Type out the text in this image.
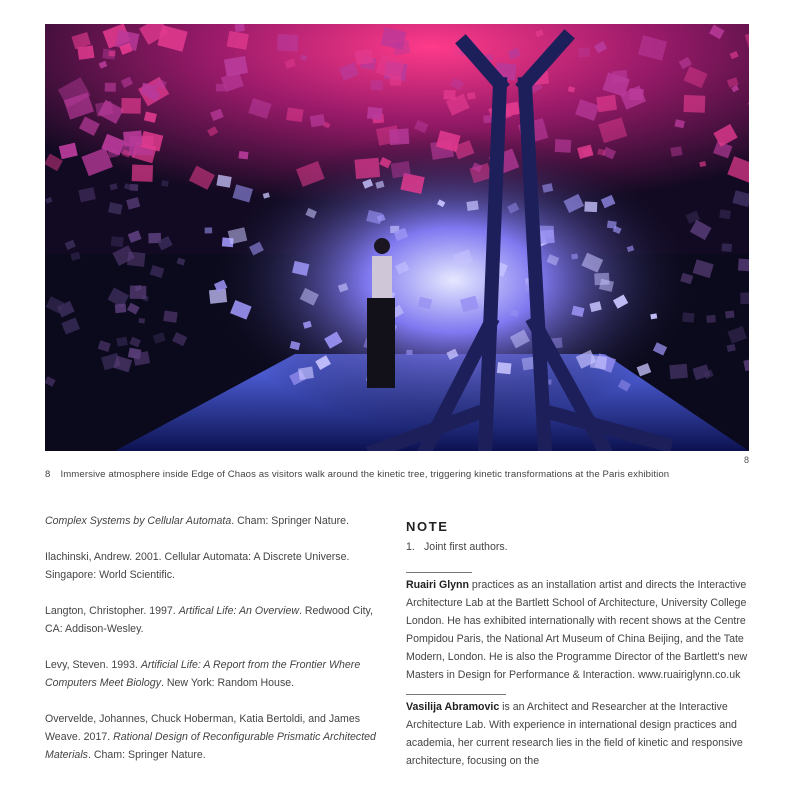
8
8 Immersive atmosphere inside Edge of Chaos as visitors walk around the kinetic tree, triggering kinetic transformations at the Paris exhibition

Complex Systems by Cellular Automata. Cham: Springer Nature.

Ilachinski, Andrew. 2001. Cellular Automata: A Discrete Universe. Singapore: World Scientific.

Langton, Christopher. 1997. Artifical Life: An Overview. Redwood City, CA: Addison-Wesley.

Levy, Steven. 1993. Artificial Life: A Report from the Frontier Where Computers Meet Biology. New York: Random House.

Overvelde, Johannes, Chuck Hoberman, Katia Bertoldi, and James Weave. 2017. Rational Design of Reconfigurable Prismatic Architected Materials. Cham: Springer Nature.

NOTE

1. Joint first authors.

Ruairi Glynn practices as an installation artist and directs the Interactive Architecture Lab at the Bartlett School of Architecture, University College London. He has exhibited internationally with recent shows at the Centre Pompidou Paris, the National Art Museum of China Beijing, and the Tate Modern, London. He is also the Programme Director of the Bartlett's new Masters in Design for Performance & Interaction. www.ruairiglynn.co.uk

Vasilija Abramovic is an Architect and Researcher at the Interactive Architecture Lab. With experience in international design practices and academia, her current research lies in the field of kinetic and responsive architecture, focusing on the
